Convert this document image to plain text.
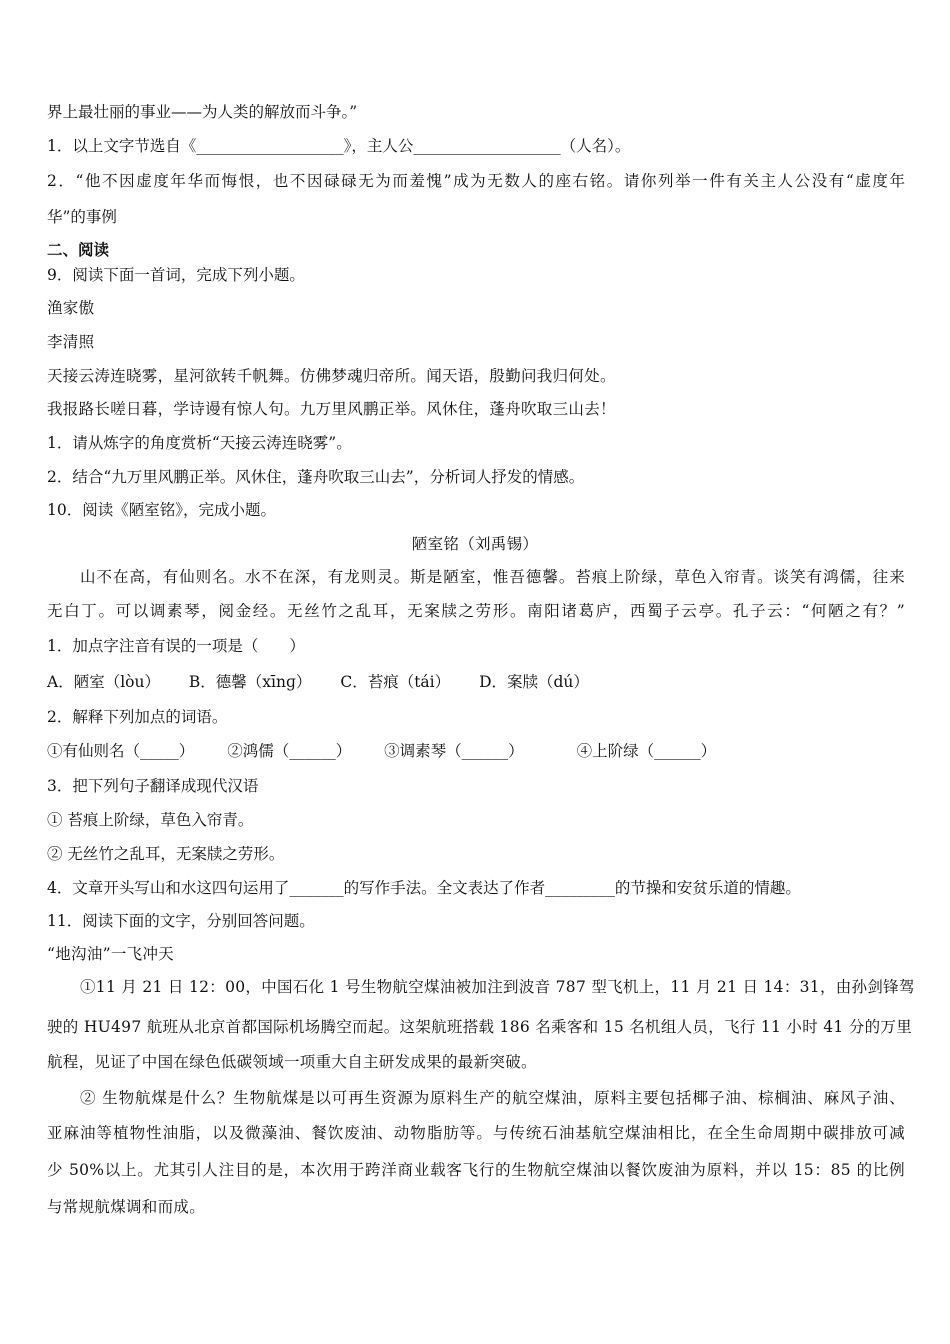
界上最壮丽的事业——为人类的解放而斗争。”
1．以上文字节选自《___________________》，主人公___________________（人名）。
2．“他不因虚度年华而悔恨，也不因碌碌无为而羞愧”成为无数人的座右铭。请你列举一件有关主人公没有“虚度年
华”的事例
二、阅读
9．阅读下面一首词，完成下列小题。
渔家傲
李清照
天接云涛连晓雾，星河欲转千帆舞。仿佛梦魂归帝所。闻天语，殷勤问我归何处。
我报路长嗟日暮，学诗谩有惊人句。九万里风鹏正举。风休住，蓬舟吹取三山去！
1．请从炼字的角度赏析“天接云涛连晓雾”。
2．结合“九万里风鹏正举。风休住，蓬舟吹取三山去”，分析词人抒发的情感。
10．阅读《陋室铭》，完成小题。
陋室铭（刘禹锡）
山不在高，有仙则名。水不在深，有龙则灵。斯是陋室，惟吾德馨。苔痕上阶绿，草色入帘青。谈笑有鸿儒，往来
无白丁。可以调素琴，阅金经。无丝竹之乱耳，无案牍之劳形。南阳诸葛庐，西蜀子云亭。孔子云：“何陋之有？”
1．加点字注音有误的一项是（　　）
A．陋室（lòu） B．德馨（xīnɡ） C．苔痕（tái） D．案牍（dú）
2．解释下列加点的词语。
①有仙则名（_____） ②鸿儒（______） ③调素琴（______）	④上阶绿（______）
3．把下列句子翻译成现代汉语
① 苔痕上阶绿，草色入帘青。
② 无丝竹之乱耳，无案牍之劳形。
4．文章开头写山和水这四句运用了_______的写作手法。全文表达了作者_________的节操和安贫乐道的情趣。
11．阅读下面的文字，分别回答问题。
“地沟油”一飞冲天
①11 月 21 日 12：00，中国石化 1 号生物航空煤油被加注到波音 787 型飞机上，11 月 21 日 14：31，由孙剑锋驾
驶的 HU497 航班从北京首都国际机场腾空而起。这架航班搭载 186 名乘客和 15 名机组人员，飞行 11 小时 41 分的万里
航程，见证了中国在绿色低碳领域一项重大自主研发成果的最新突破。
② 生物航煤是什么？生物航煤是以可再生资源为原料生产的航空煤油，原料主要包括椰子油、棕榈油、麻风子油、
亚麻油等植物性油脂，以及微藻油、餐饮废油、动物脂肪等。与传统石油基航空煤油相比，在全生命周期中碳排放可减
少 50%以上。尤其引人注目的是，本次用于跨洋商业载客飞行的生物航空煤油以餐饮废油为原料，并以 15：85 的比例
与常规航煤调和而成。
